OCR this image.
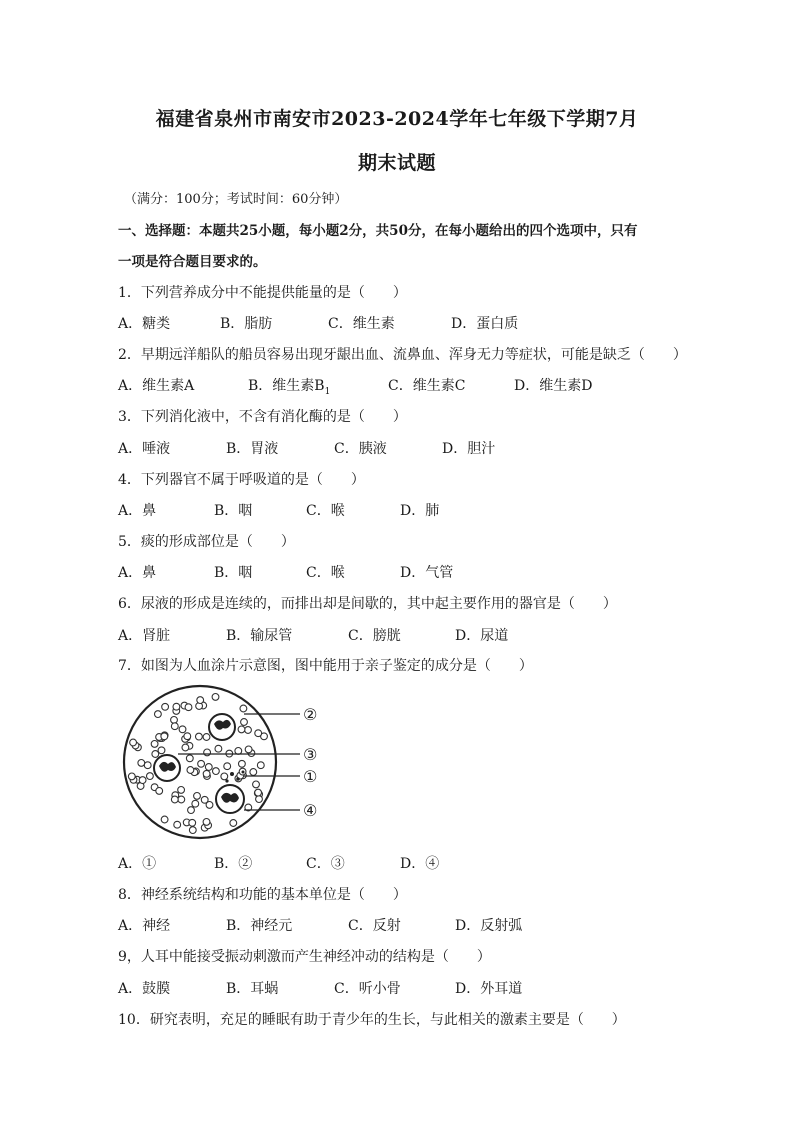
福建省泉州市南安市2023-2024学年七年级下学期7月
期末试题
（满分：100分；考试时间：60分钟）
一、选择题：本题共25小题，每小题2分，共50分，在每小题给出的四个选项中，只有
一项是符合题目要求的。
1．下列营养成分中不能提供能量的是（　　）
A．糖类	B．脂肪	C．维生素	D．蛋白质
2．早期远洋船队的船员容易出现牙龈出血、流鼻血、浑身无力等症状，可能是缺乏（　　）
A．维生素A	B．维生素$B_1$	C．维生素C	D．维生素D
3．下列消化液中，不含有消化酶的是（　　）
A．唾液	B．胃液	C．胰液	D．胆汁
4．下列器官不属于呼吸道的是（　　）
A．鼻	B．咽	C．喉	D．肺
5．痰的形成部位是（　　）
A．鼻	B．咽	C．喉	D．气管
6．尿液的形成是连续的，而排出却是间歇的，其中起主要作用的器官是（　　）
A．肾脏	B．输尿管	C．膀胱	D．尿道
7．如图为人血涂片示意图，图中能用于亲子鉴定的成分是（　　）
②
③
①
④
A．①	B．②	C．③	D．④
8．神经系统结构和功能的基本单位是（　　）
A．神经	B．神经元	C．反射	D．反射弧
9，人耳中能接受振动刺激而产生神经冲动的结构是（　　）
A．鼓膜	B．耳蜗	C．听小骨	D．外耳道
10．研究表明，充足的睡眠有助于青少年的生长，与此相关的激素主要是（　　）
